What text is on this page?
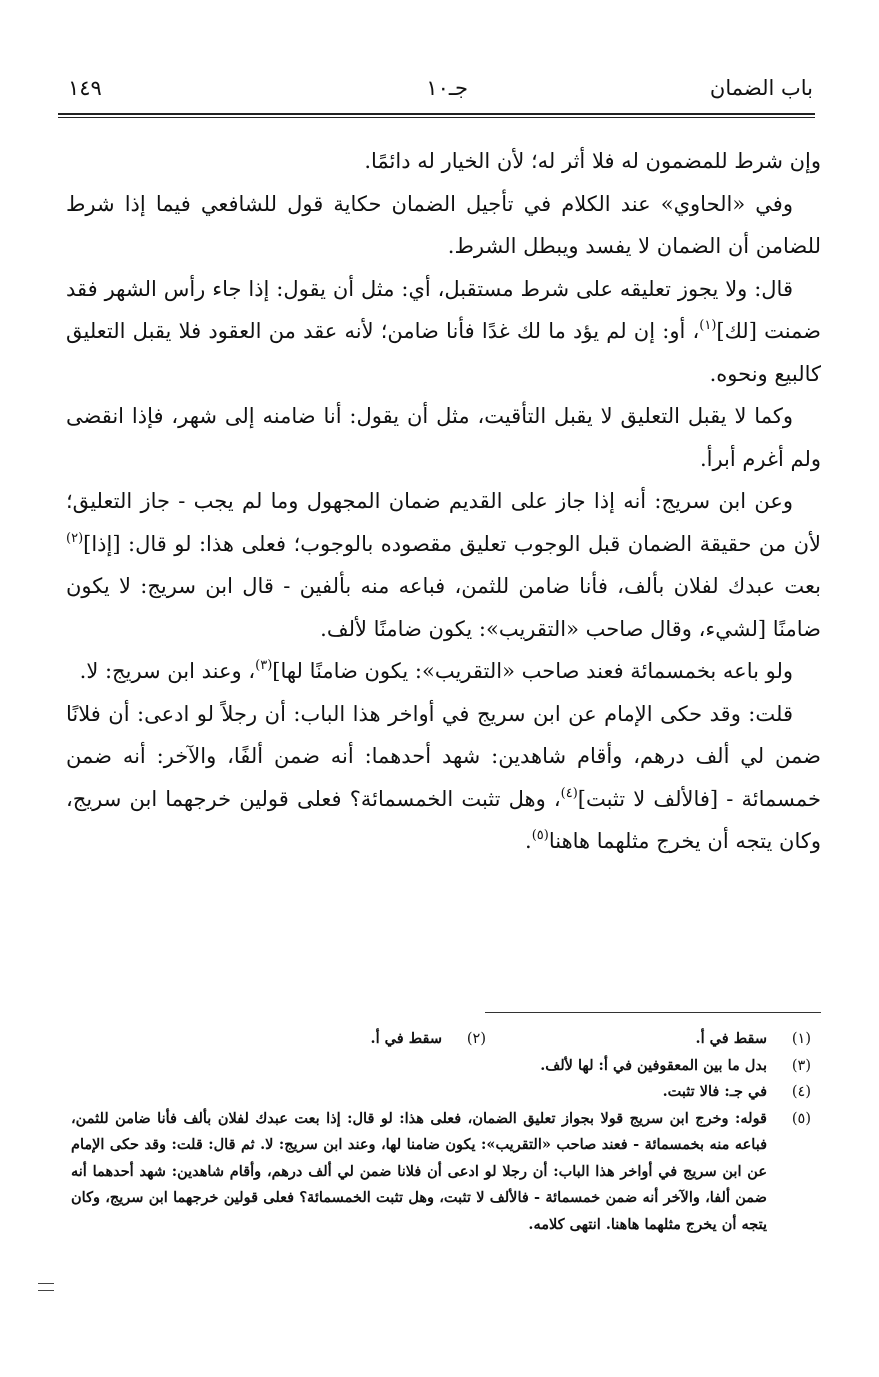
باب الضمان
جـ١٠
١٤٩

وإن شرط للمضمون له فلا أثر له؛ لأن الخيار له دائمًا.

وفي «الحاوي» عند الكلام في تأجيل الضمان حكاية قول للشافعي فيما إذا شرط للضامن أن الضمان لا يفسد ويبطل الشرط.

قال: ولا يجوز تعليقه على شرط مستقبل، أي: مثل أن يقول: إذا جاء رأس الشهر فقد ضمنت [لك]$^{(١)}$، أو: إن لم يؤد ما لك غدًا فأنا ضامن؛ لأنه عقد من العقود فلا يقبل التعليق كالبيع ونحوه.

وكما لا يقبل التعليق لا يقبل التأقيت، مثل أن يقول: أنا ضامنه إلى شهر، فإذا انقضى ولم أغرم أبرأ.

وعن ابن سريج: أنه إذا جاز على القديم ضمان المجهول وما لم يجب - جاز التعليق؛ لأن من حقيقة الضمان قبل الوجوب تعليق مقصوده بالوجوب؛ فعلى هذا: لو قال: [إذا]$^{(٢)}$ بعت عبدك لفلان بألف، فأنا ضامن للثمن، فباعه منه بألفين - قال ابن سريج: لا يكون ضامنًا [لشيء، وقال صاحب «التقريب»: يكون ضامنًا لألف.

ولو باعه بخمسمائة فعند صاحب «التقريب»: يكون ضامنًا لها]$^{(٣)}$، وعند ابن سريج: لا.

قلت: وقد حكى الإمام عن ابن سريج في أواخر هذا الباب: أن رجلاً لو ادعى: أن فلانًا ضمن لي ألف درهم، وأقام شاهدين: شهد أحدهما: أنه ضمن ألفًا، والآخر: أنه ضمن خمسمائة - [فالألف لا تثبت]$^{(٤)}$، وهل تثبت الخمسمائة؟ فعلى قولين خرجهما ابن سريج، وكان يتجه أن يخرج مثلهما هاهنا$^{(٥)}$.

(١)
سقط في أ.
(٢)
سقط في أ.
(٣)
بدل ما بين المعقوفين في أ: لها لألف.
(٤)
في جـ: فالا تثبت.
(٥)
قوله: وخرج ابن سريج قولا بجواز تعليق الضمان، فعلى هذا: لو قال: إذا بعت عبدك لفلان بألف فأنا ضامن للثمن، فباعه منه بخمسمائة - فعند صاحب «التقريب»: يكون ضامنا لها، وعند ابن سريج: لا. ثم قال: قلت: وقد حكى الإمام عن ابن سريج في أواخر هذا الباب: أن رجلا لو ادعى أن فلانا ضمن لي ألف درهم، وأقام شاهدين: شهد أحدهما أنه ضمن ألفا، والآخر أنه ضمن خمسمائة - فالألف لا تثبت، وهل تثبت الخمسمائة؟ فعلى قولين خرجهما ابن سريج، وكان يتجه أن يخرج مثلهما هاهنا. انتهى كلامه.
